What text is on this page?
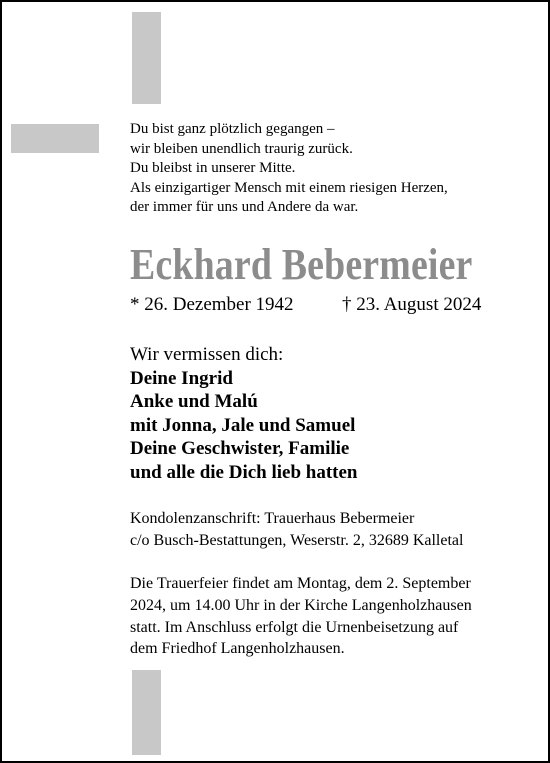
Du bist ganz plötzlich gegangen –
wir bleiben unendlich traurig zurück.
Du bleibst in unserer Mitte.
Als einzigartiger Mensch mit einem riesigen Herzen,
der immer für uns und Andere da war.
Eckhard Bebermeier
* 26. Dezember 1942	† 23. August 2024
Wir vermissen dich:
Deine Ingrid
Anke und Malú
mit Jonna, Jale und Samuel
Deine Geschwister, Familie
und alle die Dich lieb hatten
Kondolenzanschrift: Trauerhaus Bebermeier
c/o Busch-Bestattungen, Weserstr. 2, 32689 Kalletal
Die Trauerfeier findet am Montag, dem 2. September
2024, um 14.00 Uhr in der Kirche Langenholzhausen
statt. Im Anschluss erfolgt die Urnenbeisetzung auf
dem Friedhof Langenholzhausen.
